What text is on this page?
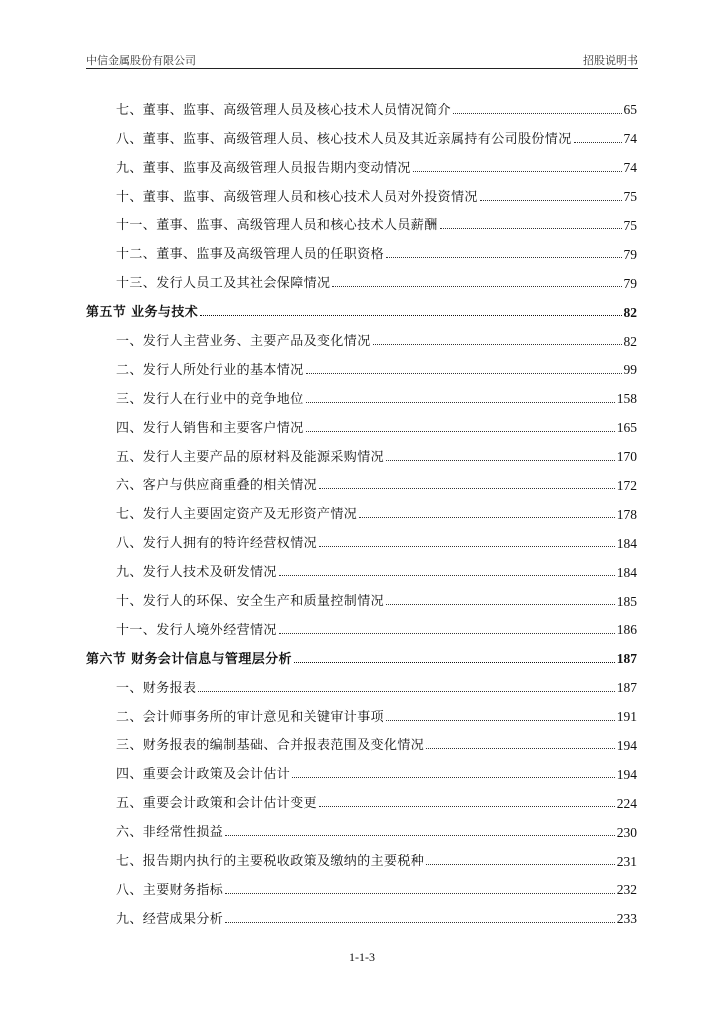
中信金属股份有限公司	招股说明书
七、董事、监事、高级管理人员及核心技术人员情况简介	65
八、董事、监事、高级管理人员、核心技术人员及其近亲属持有公司股份情况	74
九、董事、监事及高级管理人员报告期内变动情况	74
十、董事、监事、高级管理人员和核心技术人员对外投资情况	75
十一、董事、监事、高级管理人员和核心技术人员薪酬	75
十二、董事、监事及高级管理人员的任职资格	79
十三、发行人员工及其社会保障情况	79
第五节 业务与技术	82
一、发行人主营业务、主要产品及变化情况	82
二、发行人所处行业的基本情况	99
三、发行人在行业中的竞争地位	158
四、发行人销售和主要客户情况	165
五、发行人主要产品的原材料及能源采购情况	170
六、客户与供应商重叠的相关情况	172
七、发行人主要固定资产及无形资产情况	178
八、发行人拥有的特许经营权情况	184
九、发行人技术及研发情况	184
十、发行人的环保、安全生产和质量控制情况	185
十一、发行人境外经营情况	186
第六节 财务会计信息与管理层分析	187
一、财务报表	187
二、会计师事务所的审计意见和关键审计事项	191
三、财务报表的编制基础、合并报表范围及变化情况	194
四、重要会计政策及会计估计	194
五、重要会计政策和会计估计变更	224
六、非经常性损益	230
七、报告期内执行的主要税收政策及缴纳的主要税种	231
八、主要财务指标	232
九、经营成果分析	233
1-1-3
